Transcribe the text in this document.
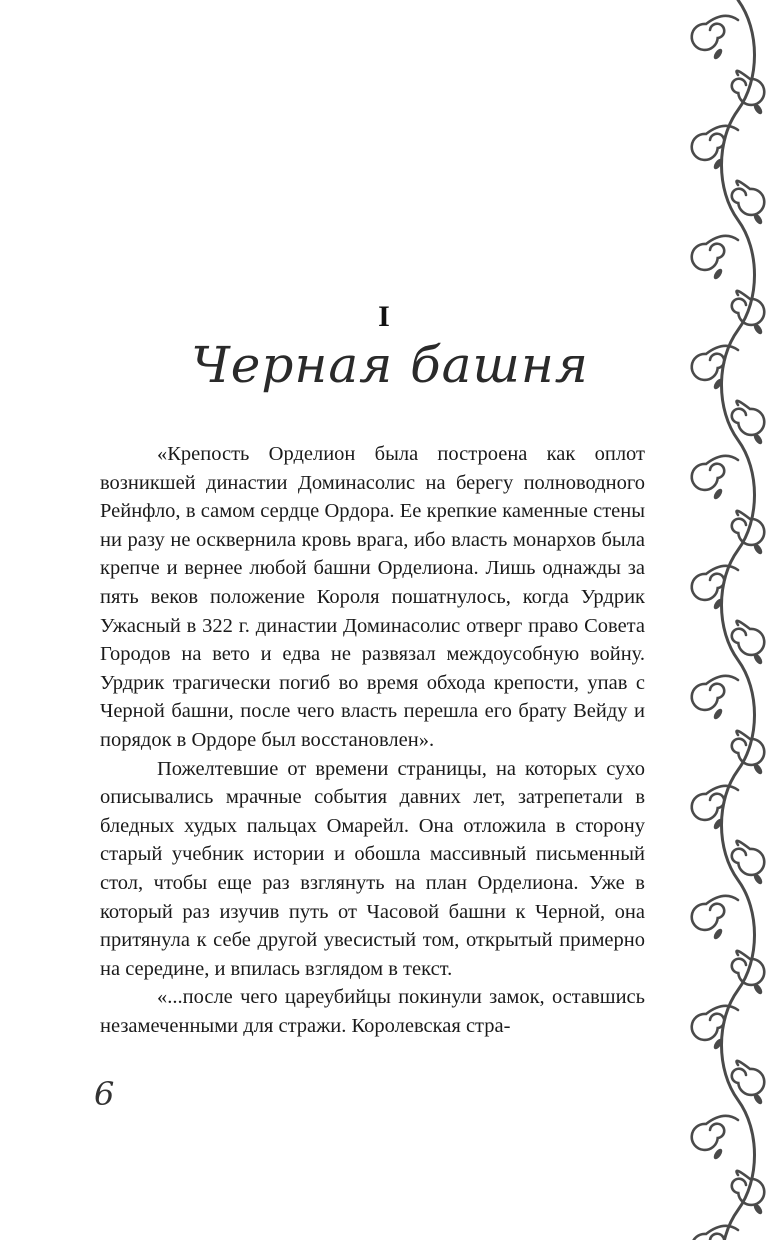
I
Черная башня

«Крепость Орделион была построена как оплот возникшей династии Доминасолис на берегу полноводного Рейнфло, в самом сердце Ордора. Ее крепкие каменные стены ни разу не осквернила кровь врага, ибо власть монархов была крепче и вернее любой башни Орделиона. Лишь однажды за пять веков положение Короля пошатнулось, когда Урдрик Ужасный в 322 г. династии Доминасолис отверг право Совета Городов на вето и едва не развязал междоусобную войну. Урдрик трагически погиб во время обхода крепости, упав с Черной башни, после чего власть перешла его брату Вейду и порядок в Ордоре был восстановлен».

Пожелтевшие от времени страницы, на которых сухо описывались мрачные события давних лет, затрепетали в бледных худых пальцах Омарейл. Она отложила в сторону старый учебник истории и обошла массивный письменный стол, чтобы еще раз взглянуть на план Орделиона. Уже в который раз изучив путь от Часовой башни к Черной, она притянула к себе другой увесистый том, открытый примерно на середине, и впилась взглядом в текст.

«...после чего цареубийцы покинули замок, оставшись незамеченными для стражи. Королевская стра-

6
